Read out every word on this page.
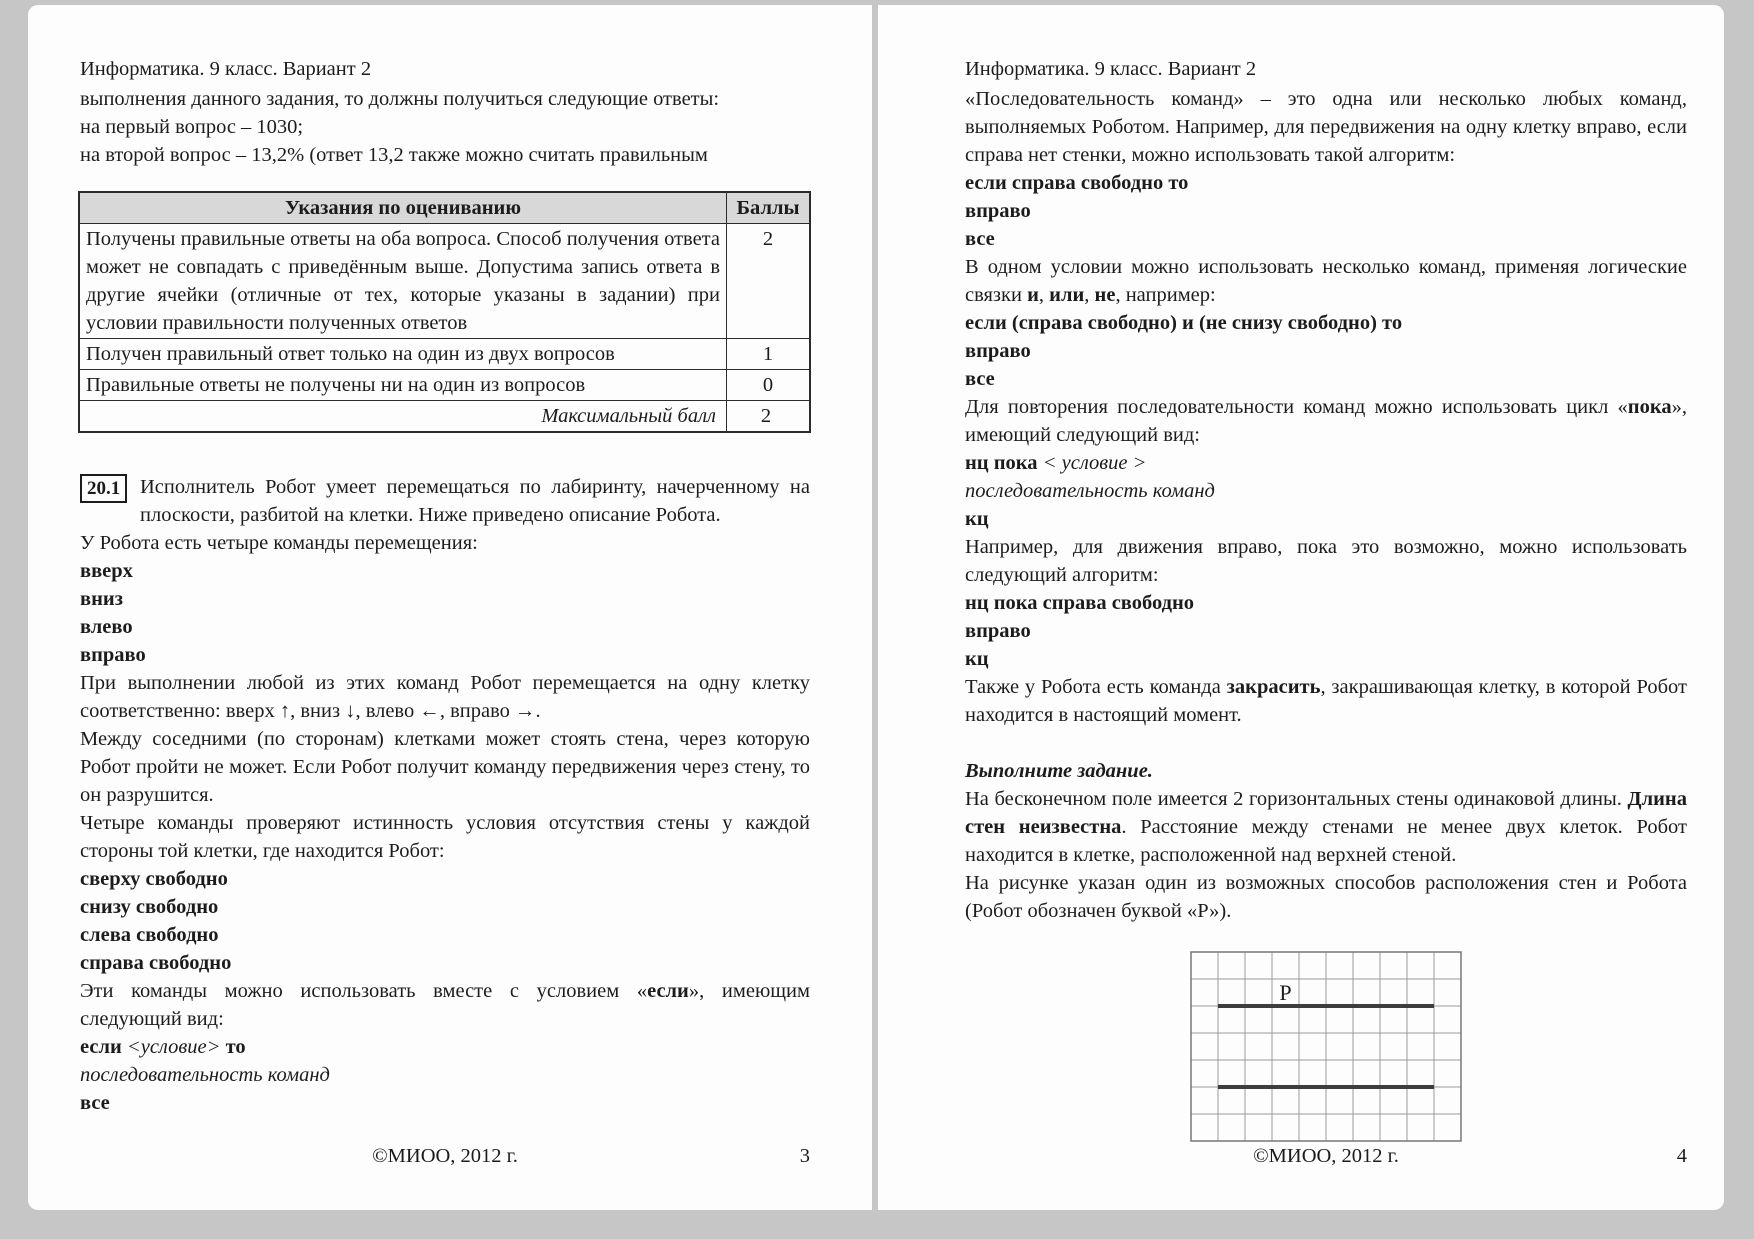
Информатика. 9 класс. Вариант 2
выполнения данного задания, то должны получиться следующие ответы:
на первый вопрос – 1030;
на второй вопрос – 13,2% (ответ 13,2 также можно считать правильным
Указания по оцениванию	Баллы
Получены правильные ответы на оба вопроса. Способ получения ответа может не совпадать с приведённым выше. Допустима запись ответа в другие ячейки (отличные от тех, которые указаны в задании) при условии правильности полученных ответов	2
Получен правильный ответ только на один из двух вопросов	1
Правильные ответы не получены ни на один из вопросов	0
Максимальный балл	2
20.1 Исполнитель Робот умеет перемещаться по лабиринту, начерченному на плоскости, разбитой на клетки. Ниже приведено описание Робота.
У Робота есть четыре команды перемещения:
вверх
вниз
влево
вправо
При выполнении любой из этих команд Робот перемещается на одну клетку соответственно: вверх ↑, вниз ↓, влево ←, вправо →.
Между соседними (по сторонам) клетками может стоять стена, через которую Робот пройти не может. Если Робот получит команду передвижения через стену, то он разрушится.
Четыре команды проверяют истинность условия отсутствия стены у каждой стороны той клетки, где находится Робот:
сверху свободно
снизу свободно
слева свободно
справа свободно
Эти команды можно использовать вместе с условием «если», имеющим следующий вид:
если <условие> то
последовательность команд
все
©МИОО, 2012 г.	3
Информатика. 9 класс. Вариант 2
«Последовательность команд» – это одна или несколько любых команд, выполняемых Роботом. Например, для передвижения на одну клетку вправо, если справа нет стенки, можно использовать такой алгоритм:
если справа свободно то
вправо
все
В одном условии можно использовать несколько команд, применяя логические связки и, или, не, например:
если (справа свободно) и (не снизу свободно) то
вправо
все
Для повторения последовательности команд можно использовать цикл «пока», имеющий следующий вид:
нц пока < условие >
последовательность команд
кц
Например, для движения вправо, пока это возможно, можно использовать следующий алгоритм:
нц пока справа свободно
вправо
кц
Также у Робота есть команда закрасить, закрашивающая клетку, в которой Робот находится в настоящий момент.
Выполните задание.
На бесконечном поле имеется 2 горизонтальных стены одинаковой длины. Длина стен неизвестна. Расстояние между стенами не менее двух клеток. Робот находится в клетке, расположенной над верхней стеной.
На рисунке указан один из возможных способов расположения стен и Робота (Робот обозначен буквой «Р»).
Р
©МИОО, 2012 г.	4
